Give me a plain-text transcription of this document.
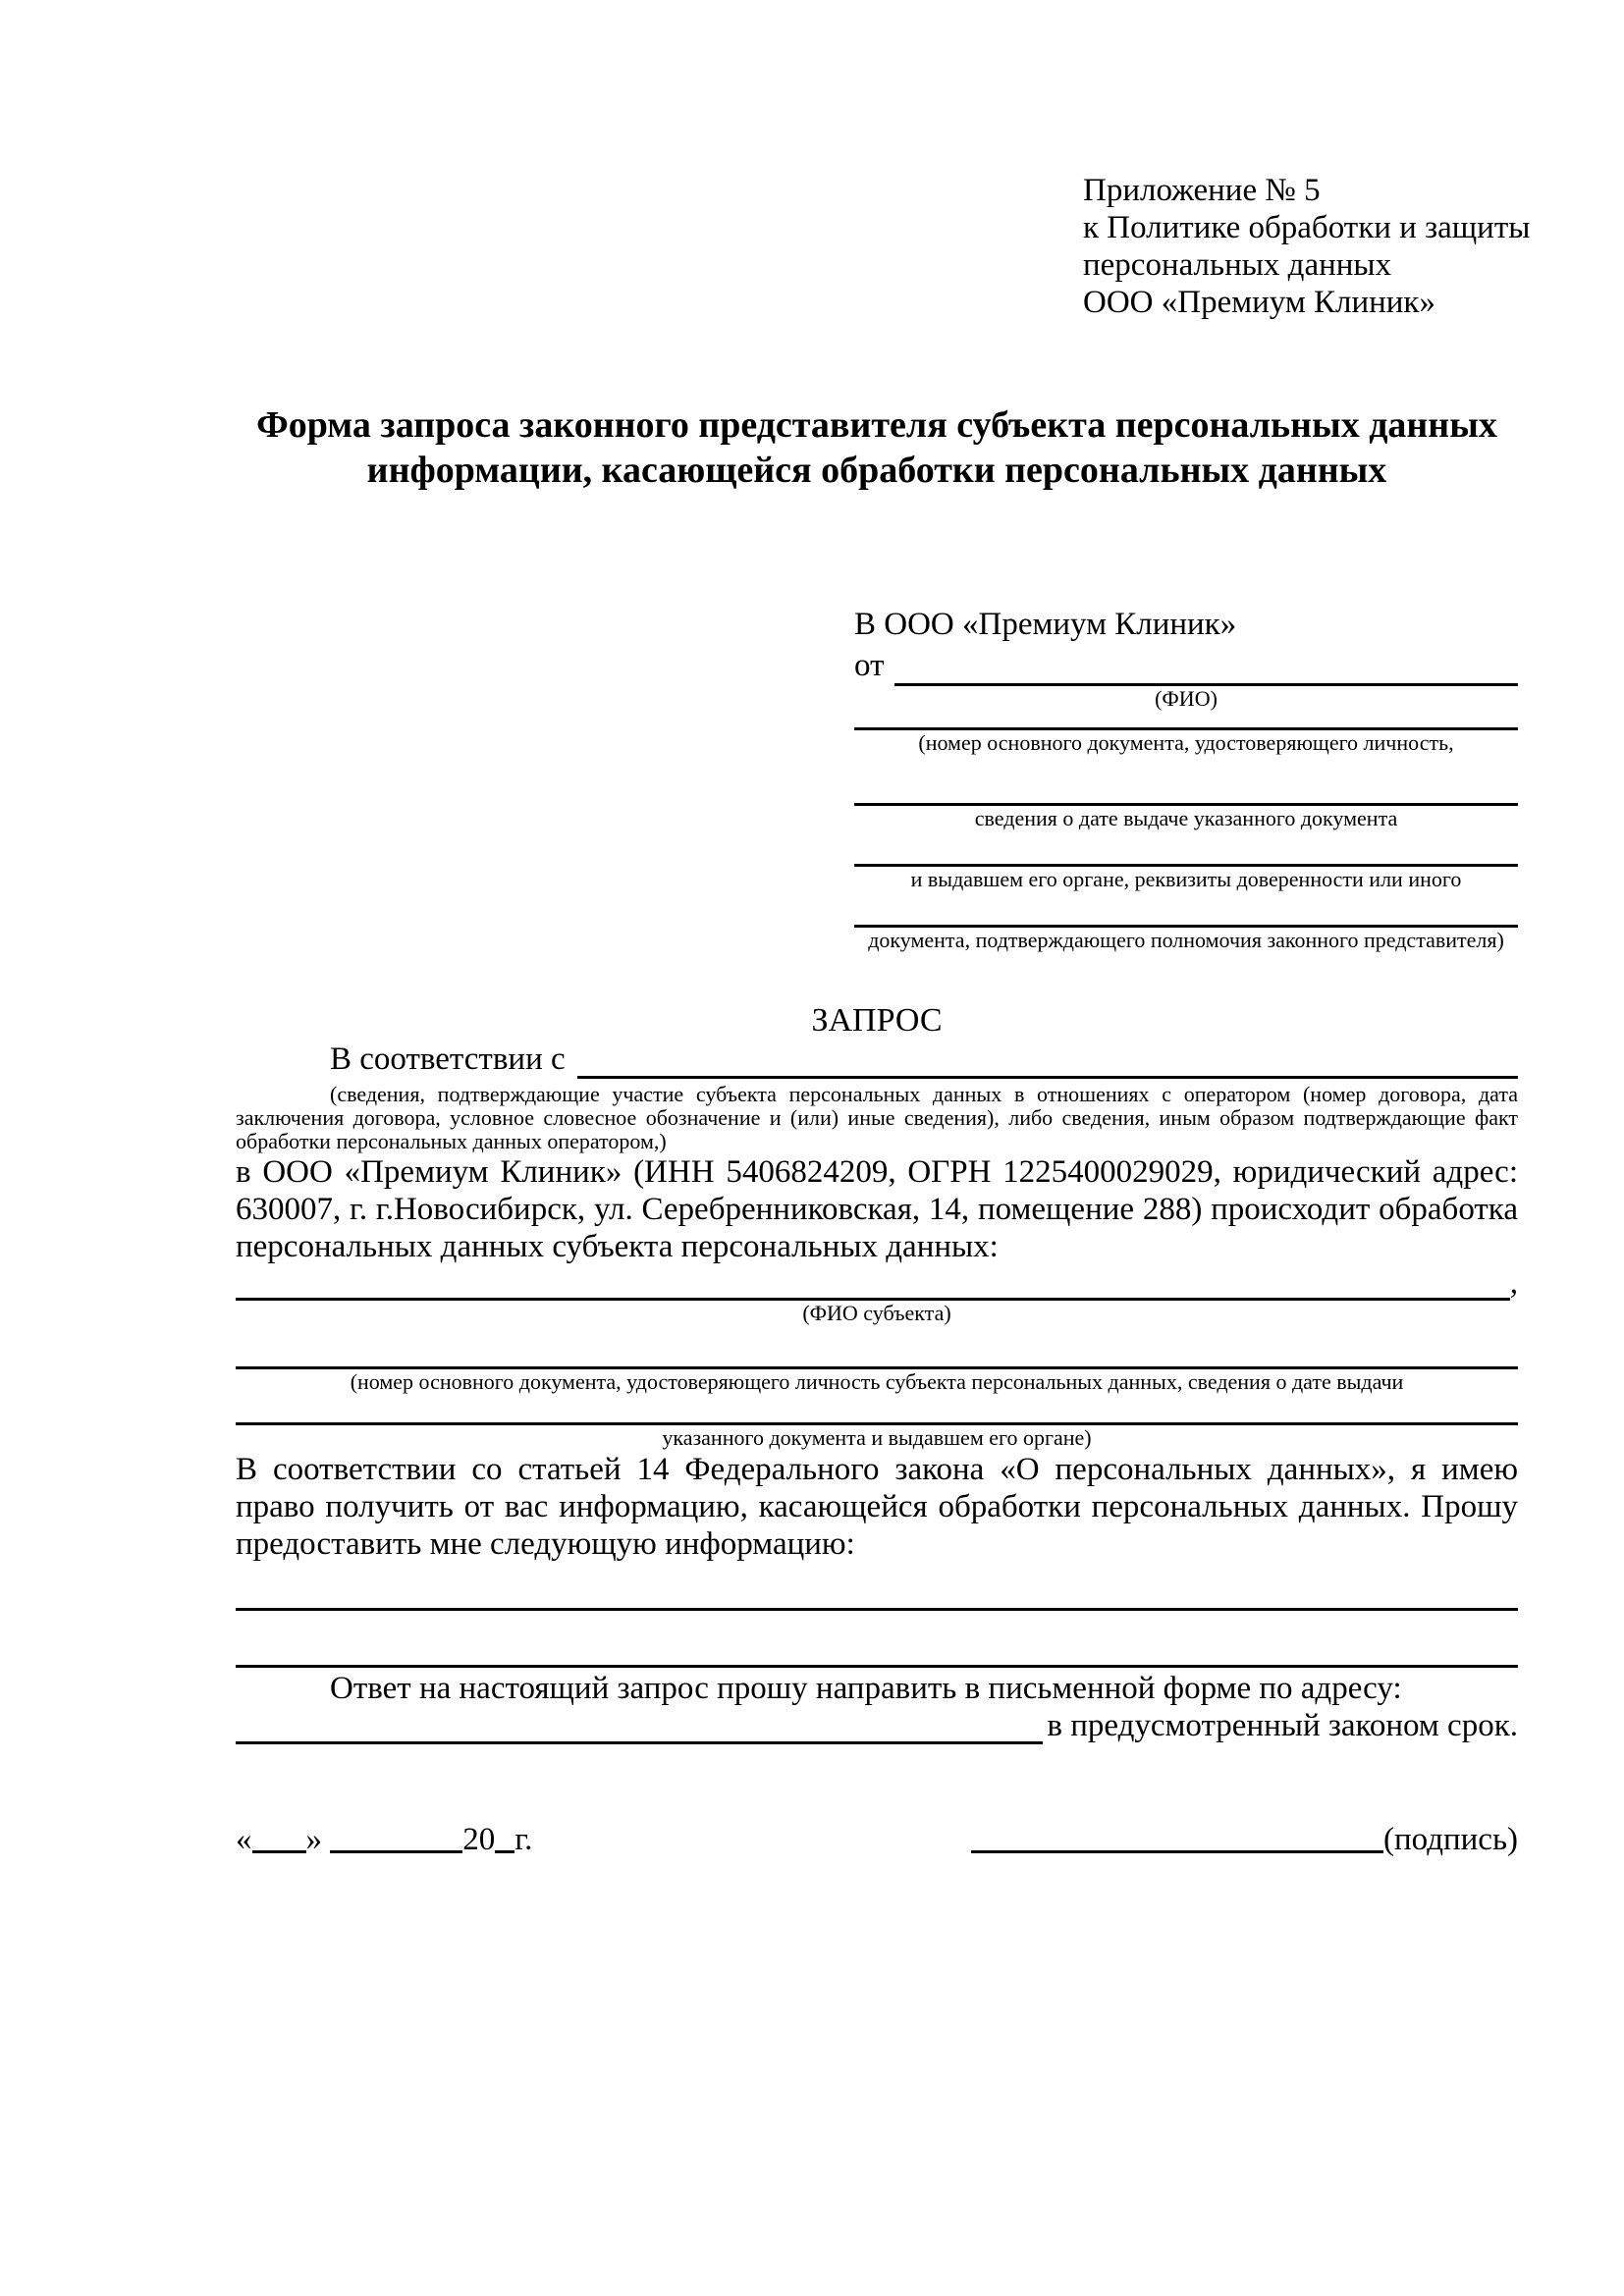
Приложение № 5
к Политике обработки и защиты
персональных данных
ООО «Премиум Клиник»
Форма запроса законного представителя субъекта персональных данных
информации, касающейся обработки персональных данных
В ООО «Премиум Клиник»
от
(ФИО)
(номер основного документа, удостоверяющего личность,
сведения о дате выдаче указанного документа
и выдавшем его органе, реквизиты доверенности или иного
документа, подтверждающего полномочия законного представителя)
ЗАПРОС
В соответствии с
(сведения, подтверждающие участие субъекта персональных данных в отношениях с оператором (номер договора, дата заключения договора, условное словесное обозначение и (или) иные сведения), либо сведения, иным образом подтверждающие факт обработки персональных данных оператором,)

в ООО «Премиум Клиник» (ИНН 5406824209, ОГРН 1225400029029, юридический адрес: 630007, г. г.Новосибирск, ул. Серебренниковская, 14, помещение 288) происходит обработка персональных данных субъекта персональных данных:

,
(ФИО субъекта)
(номер основного документа, удостоверяющего личность субъекта персональных данных, сведения о дате выдачи
указанного документа и выдавшем его органе)

В соответствии со статьей 14 Федерального закона «О персональных данных», я имею право получить от вас информацию, касающейся обработки персональных данных. Прошу предоставить мне следующую информацию:

Ответ на настоящий запрос прошу направить в письменной форме по адресу:

в предусмотренный законом срок.
« »	20 г.	(подпись)
